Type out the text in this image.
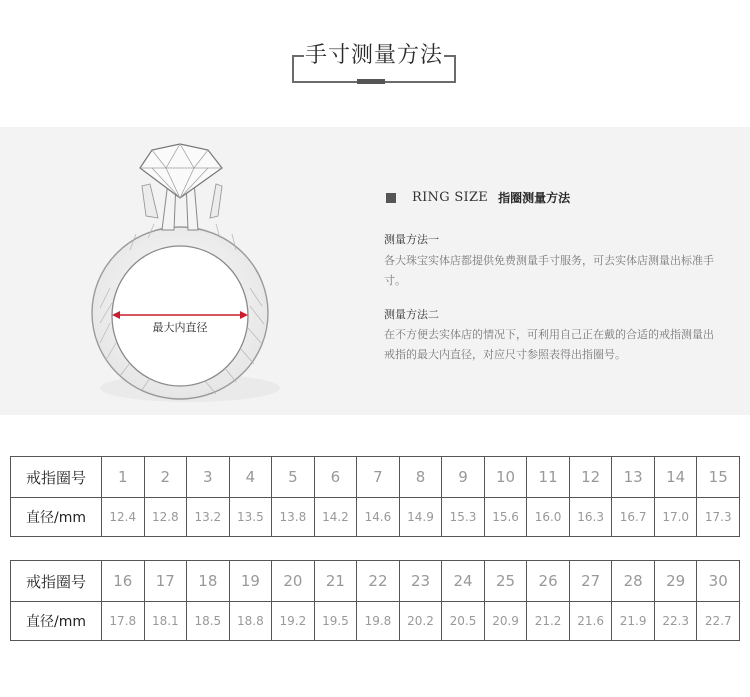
手寸测量方法
最大内直径
RING SIZE 指圈测量方法
测量方法一
各大珠宝实体店都提供免费测量手寸服务，可去实体店测量出标准手寸。
测量方法二
在不方便去实体店的情况下，可利用自己正在戴的合适的戒指测量出戒指的最大内直径，对应尺寸参照表得出指圈号。
戒指圈号	1	2	3	4	5	6	7	8	9	10	11	12	13	14	15
直径/mm	12.4	12.8	13.2	13.5	13.8	14.2	14.6	14.9	15.3	15.6	16.0	16.3	16.7	17.0	17.3
戒指圈号	16	17	18	19	20	21	22	23	24	25	26	27	28	29	30
直径/mm	17.8	18.1	18.5	18.8	19.2	19.5	19.8	20.2	20.5	20.9	21.2	21.6	21.9	22.3	22.7
